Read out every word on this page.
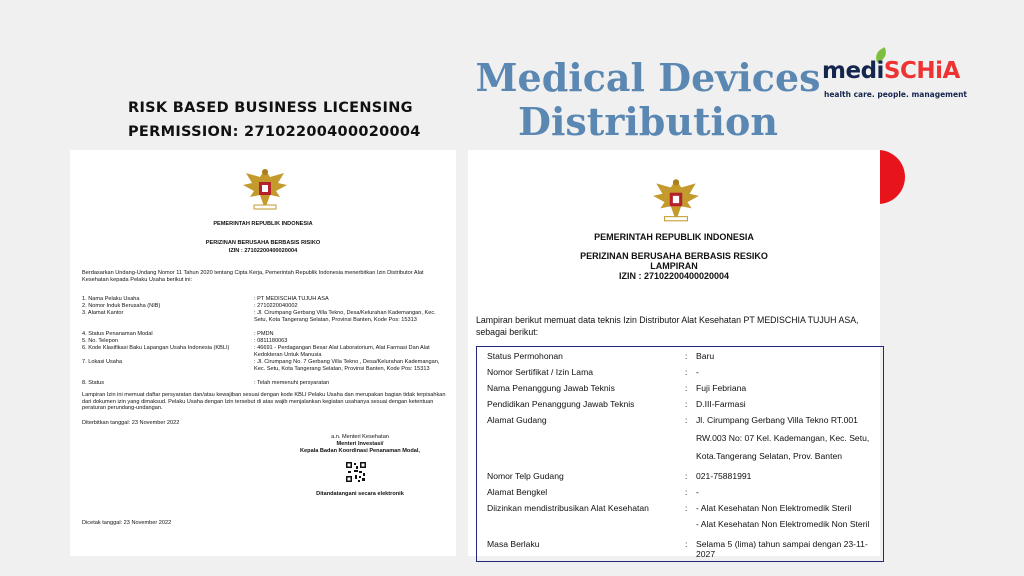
RISK BASED BUSINESS LICENSING
PERMISSION: 27102200400020004
Medical Devices
Distribution
mediSCHiA
health care. people. management
PEMERINTAH REPUBLIK INDONESIA
PERIZINAN BERUSAHA BERBASIS RISIKO
IZIN : 27102200400020004
Berdasarkan Undang-Undang Nomor 11 Tahun 2020 tentang Cipta Kerja, Pemerintah Republik Indonesia menerbitkan Izin Distributor Alat Kesehatan kepada Pelaku Usaha berikut ini:
1. Nama Pelaku Usaha	: PT MEDISCHIA TUJUH ASA
2. Nomor Induk Berusaha (NIB)	: 2710220040002
3. Alamat Kantor	: Jl. Cirumpang Gerbang Villa Tekno, Desa/Kelurahan Kademangan, Kec. Setu, Kota Tangerang Selatan, Provinsi Banten, Kode Pos: 15313
4. Status Penanaman Modal	: PMDN
5. No. Telepon	: 0811180063
6. Kode Klasifikasi Baku Lapangan Usaha Indonesia (KBLI)	: 46691 - Perdagangan Besar Alat Laboratorium, Alat Farmasi Dan Alat Kedokteran Untuk Manusia
7. Lokasi Usaha	: Jl. Cirumpang No. 7 Gerbang Villa Tekno , Desa/Kelurahan Kademangan, Kec. Setu, Kota Tangerang Selatan, Provinsi Banten, Kode Pos: 15313
8. Status	: Telah memenuhi persyaratan
Lampiran Izin ini memuat daftar persyaratan dan/atau kewajiban sesuai dengan kode KBLI Pelaku Usaha dan merupakan bagian tidak terpisahkan dari dokumen izin yang dimaksud. Pelaku Usaha dengan Izin tersebut di atas wajib menjalankan kegiatan usahanya sesuai dengan ketentuan peraturan perundang-undangan.
Diterbitkan tanggal: 23 November 2022
a.n. Menteri Kesehatan
Menteri Investasi/
Kepala Badan Koordinasi Penanaman Modal,
Ditandatangani secara elektronik
Dicetak tanggal: 23 November 2022
PEMERINTAH REPUBLIK INDONESIA
PERIZINAN BERUSAHA BERBASIS RESIKO
LAMPIRAN
IZIN : 27102200400020004
Lampiran berikut memuat data teknis Izin Distributor Alat Kesehatan PT MEDISCHIA TUJUH ASA, sebagai berikut:
Status Permohonan	: Baru
Nomor Sertifikat / Izin Lama	: -
Nama Penanggung Jawab Teknis	: Fuji Febriana
Pendidikan Penanggung Jawab Teknis	: D.III-Farmasi
Alamat Gudang	: Jl. Cirumpang Gerbang Villa Tekno RT.001
RW.003 No: 07 Kel. Kademangan, Kec. Setu,
Kota.Tangerang Selatan, Prov. Banten
Nomor Telp Gudang	: 021-75881991
Alamat Bengkel	: -
Diizinkan mendistribusikan Alat Kesehatan	: - Alat Kesehatan Non Elektromedik Steril
- Alat Kesehatan Non Elektromedik Non Steril
Masa Berlaku	: Selama 5 (lima) tahun sampai dengan 23-11-2027
